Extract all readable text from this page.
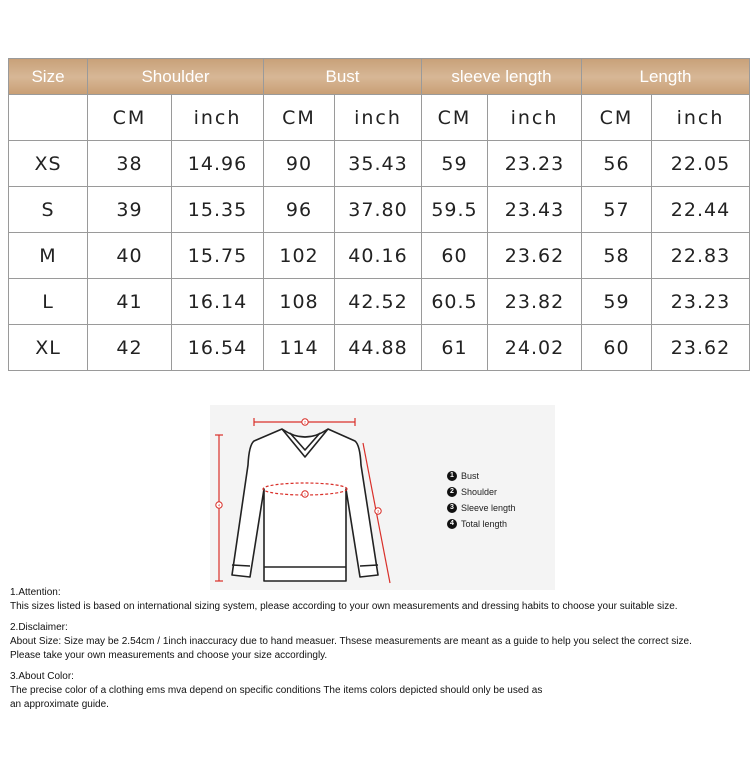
Size	Shoulder		Bust		sleeve length		Length	
	CM	inch	CM	inch	CM	inch	CM	inch
XS	38	14.96	90	35.43	59	23.23	56	22.05
S	39	15.35	96	37.80	59.5	23.43	57	22.44
M	40	15.75	102	40.16	60	23.62	58	22.83
L	41	16.14	108	42.52	60.5	23.82	59	23.23
XL	42	16.54	114	44.88	61	24.02	60	23.62
2
1
4
3
1 Bust
2 Shoulder
3 Sleeve length
4 Total length

1.Attention:

This sizes listed is based on international sizing system, please according to your own measurements and dressing habits to choose your suitable size.

2.Disclaimer:

About Size: Size may be 2.54cm / 1inch inaccuracy due to hand measuer. Thsese measurements are meant as a guide to help you select the correct size.

Please take your own measurements and choose your size accordingly.

3.About Color:

The precise color of a clothing ems mva depend on specific conditions The items colors depicted should only be used as

an approximate guide.
